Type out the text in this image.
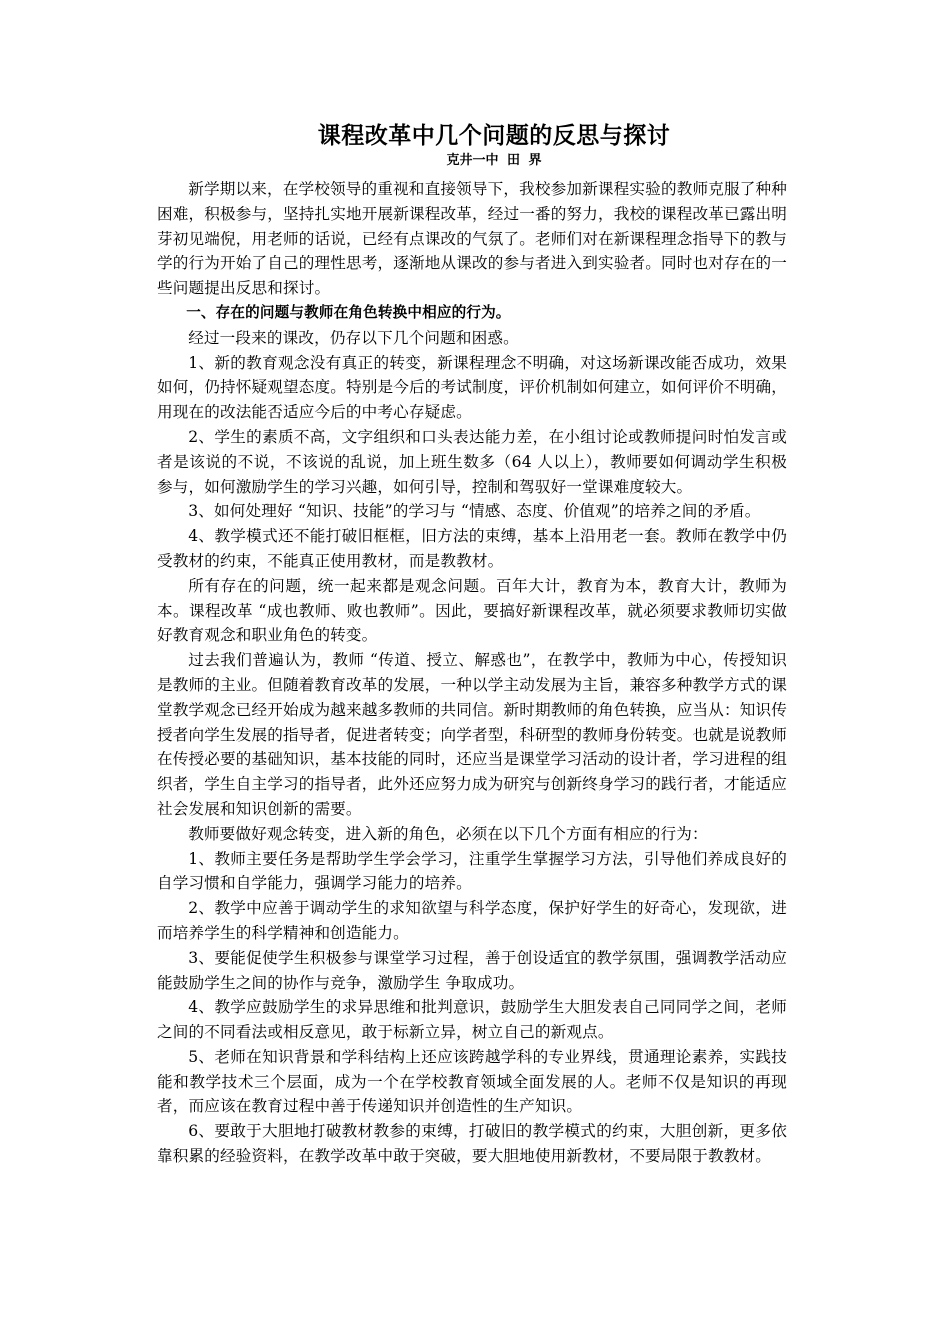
课程改革中几个问题的反思与探讨
克井一中 田 界

新学期以来，在学校领导的重视和直接领导下，我校参加新课程实验的教师克服了种种困难，积极参与，坚持扎实地开展新课程改革，经过一番的努力，我校的课程改革已露出明芽初见端倪，用老师的话说，已经有点课改的气氛了。老师们对在新课程理念指导下的教与学的行为开始了自己的理性思考，逐渐地从课改的参与者进入到实验者。同时也对存在的一些问题提出反思和探讨。

一、存在的问题与教师在角色转换中相应的行为。

经过一段来的课改，仍存以下几个问题和困惑。

1、新的教育观念没有真正的转变，新课程理念不明确，对这场新课改能否成功，效果如何，仍持怀疑观望态度。特别是今后的考试制度，评价机制如何建立，如何评价不明确，用现在的改法能否适应今后的中考心存疑虑。

2、学生的素质不高，文字组织和口头表达能力差，在小组讨论或教师提问时怕发言或者是该说的不说，不该说的乱说，加上班生数多（64 人以上），教师要如何调动学生积极参与，如何激励学生的学习兴趣，如何引导，控制和驾驭好一堂课难度较大。

3、如何处理好 “知识、技能”的学习与 “情感、态度、价值观”的培养之间的矛盾。

4、教学模式还不能打破旧框框，旧方法的束缚，基本上沿用老一套。教师在教学中仍受教材的约束，不能真正使用教材，而是教教材。

所有存在的问题，统一起来都是观念问题。百年大计，教育为本，教育大计，教师为本。课程改革 “成也教师、败也教师”。因此，要搞好新课程改革，就必须要求教师切实做好教育观念和职业角色的转变。

过去我们普遍认为，教师 “传道、授立、解惑也”，在教学中，教师为中心，传授知识是教师的主业。但随着教育改革的发展，一种以学主动发展为主旨，兼容多种教学方式的课堂教学观念已经开始成为越来越多教师的共同信。新时期教师的角色转换，应当从：知识传授者向学生发展的指导者，促进者转变；向学者型，科研型的教师身份转变。也就是说教师在传授必要的基础知识，基本技能的同时，还应当是课堂学习活动的设计者，学习进程的组织者，学生自主学习的指导者，此外还应努力成为研究与创新终身学习的践行者，才能适应社会发展和知识创新的需要。

教师要做好观念转变，进入新的角色，必须在以下几个方面有相应的行为：

1、教师主要任务是帮助学生学会学习，注重学生掌握学习方法，引导他们养成良好的自学习惯和自学能力，强调学习能力的培养。

2、教学中应善于调动学生的求知欲望与科学态度，保护好学生的好奇心，发现欲，进而培养学生的科学精神和创造能力。

3、要能促使学生积极参与课堂学习过程，善于创设适宜的教学氛围，强调教学活动应能鼓励学生之间的协作与竞争，激励学生 争取成功。

4、教学应鼓励学生的求异思维和批判意识，鼓励学生大胆发表自己同同学之间，老师之间的不同看法或相反意见，敢于标新立异，树立自己的新观点。

5、老师在知识背景和学科结构上还应该跨越学科的专业界线，贯通理论素养，实践技能和教学技术三个层面，成为一个在学校教育领域全面发展的人。老师不仅是知识的再现者，而应该在教育过程中善于传递知识并创造性的生产知识。

6、要敢于大胆地打破教材教参的束缚，打破旧的教学模式的约束，大胆创新，更多依靠积累的经验资料，在教学改革中敢于突破，要大胆地使用新教材，不要局限于教教材。
